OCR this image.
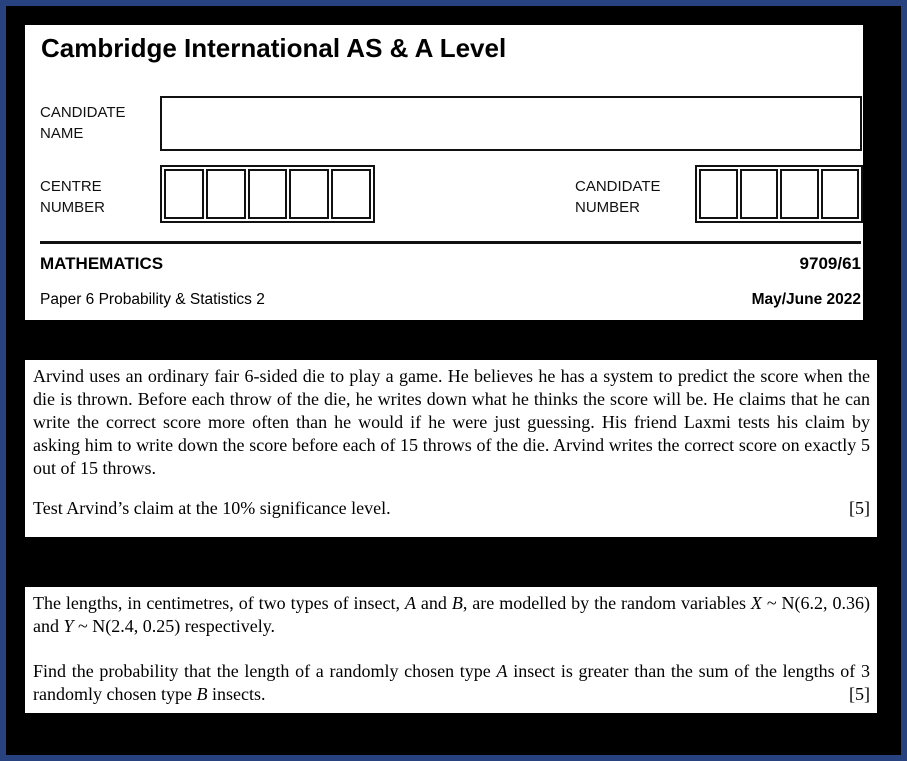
Cambridge International AS & A Level
CANDIDATE
NAME
CENTRE
NUMBER
CANDIDATE
NUMBER
MATHEMATICS	9709/61
Paper 6 Probability & Statistics 2	May/June 2022

Arvind uses an ordinary fair 6-sided die to play a game. He believes he has a system to predict the score when the die is thrown. Before each throw of the die, he writes down what he thinks the score will be. He claims that he can write the correct score more often than he would if he were just guessing. His friend Laxmi tests his claim by asking him to write down the score before each of 15 throws of the die. Arvind writes the correct score on exactly 5 out of 15 throws.

Test Arvind’s claim at the 10% significance level.	[5]

The lengths, in centimetres, of two types of insect, A and B, are modelled by the random variables X ~ N(6.2, 0.36) and Y ~ N(2.4, 0.25) respectively.

Find the probability that the length of a randomly chosen type A insect is greater than the sum of the lengths of 3 randomly chosen type B insects.	[5]
